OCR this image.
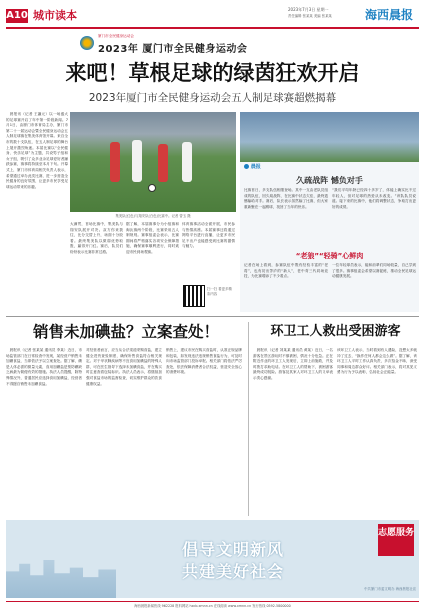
A10 城市读本	2023年7月3日 星期一
责任编辑 张某某 美编 张某某	海西晨报
厦门市全民健身运动会
2023年 厦门市全民健身运动会
来吧！草根足球的绿茵狂欢开启
2023年厦门市全民健身运动会五人制足球赛超燃揭幕
　晨报讯（记者 王瀛元）以一场盛大的足球赛开启了年中第一阶段新闻。7月1日，由厦门市体育局主办，厦门市第二十一届运动会暨全民健身运动会五人制足球赛在集美体育馆开幕。来自全市的数十支队伍，在五人制足球的舞台上展开激烈角逐。本届比赛以“全民健身、快乐足球”为主题，共设男子组和女子组，吸引了众多业余足球爱好者踊跃参赛，赛事将持续至本月下旬。开幕式上，厦门市体育局相关负责人表示，希望通过举办此类比赛，进一步营造全民健身的良好氛围，让更多市民享受足球运动带来的乐趣。
集美队(红色)与翔安队(白色)比赛中。记者 曾玉 摄
大满贯，首场比赛中，集美队与翔安队展开对决。双方你来我往，比分交替上升，场面十分胶着。最终集美队以微弱优势取胜，赢得开门红。赛后，队员们纷纷表示比赛非常过瘾。
据了解，本届赛事分为小组赛和淘汰赛两个阶段，比赛采用五人制规则。赛事组委会表示，比赛期间将严格落实各项安全保障措施，确保赛事顺利进行，同时欢迎市民到场观赛。
体育赛事活动全面开展，市民参与热情高涨。本届赛事还将通过网络平台进行直播，让更多市民足不出户也能感受到比赛的激情与魅力。
扫一扫 看更多精彩内容
晨报
久疏战阵 憾负对手
比赛首日，多支队伍相继登场。其中一支由老队员组成的队伍，因久疏战阵，在比赛中状态欠佳，最终遗憾输给对手。赛后，队长表示虽然输了比赛，但大家重新聚在一起踢球，找回了当年的快乐。
“我们平均年龄已经四十多岁了，体能上确实比不过年轻人，但对足球的热爱从未改变。”该队队员说道。接下来的比赛中，他们将调整状态，争取打出更好的成绩。
“老狼”“轻骑”心鲜肉
记者在场上看到，参赛队伍中既有经验丰富的“老将”，也有初出茅庐的“新人”，老中青三代同场竞技，为比赛增添了不少看点。
一位年轻球员表示，能和前辈们同场较量，自己学到了很多。赛事组委会希望以赛促练，推动全民足球运动健康发展。
销售未加碘盐？立案查处！
　晨报讯（记者 张某某 通讯员 李某）近日，市场监管部门在日常检查中发现，某经营户销售未加碘食盐，当即依法予以立案查处。据了解，碘是人体必需的微量元素，食用加碘盐是预防碘缺乏病最为简便有效的措施。执法人员提醒，除特殊情况外，普通居民应选择食用加碘盐，经营者不得擅自销售未加碘食盐。
对经营者而言，应当从合法渠道采购食盐，建立健全进货查验制度，确保所售食盐符合相关规定。对于甲状腺疾病等不宜食用加碘盐的特殊人群，可在医生指导下选择未加碘食盐，并在购买时注意查看包装标识。执法人员表示，将继续加强对食盐市场的监督检查，切实维护群众的饮食健康权益。
销售上，建议市民在购买食盐时，认准正规品牌和包装，如发现违法违规销售食盐行为，可及时向市场监管部门投诉举报。相关部门将依法严厉查处，依法保障消费者合法权益，营造安全放心的消费环境。
环卫工人救出受困游客
　晨报讯（记者 刘某某 通讯员 黄某）近日，一名游客在景区游玩时不慎被困，情况十分危急。正在附近作业的环卫工人发现后，立即上前施救，并及时拨打求助电话。在环卫工人的帮助下，被困游客最终成功脱险。游客及其家人对环卫工人的义举表示衷心感谢。
该环卫工人表示，当时看到有人遇险，没想太多就冲了过去，“换作任何人都会这么做”。据了解，该环卫工人平时工作认真负责，多次拾金不昧，深受同事和周边群众好评。相关部门表示，将对其见义勇为行为予以表彰，弘扬社会正能量。
志愿服务
倡导文明新风
共建美好社会
中共厦门市委文明办 海西晨报社宣
海西晨报新闻热线 962228 报料网站 hxcb.xmnn.cn 在线阅读 www.xmnn.cn 发行热线 0592-5800000
